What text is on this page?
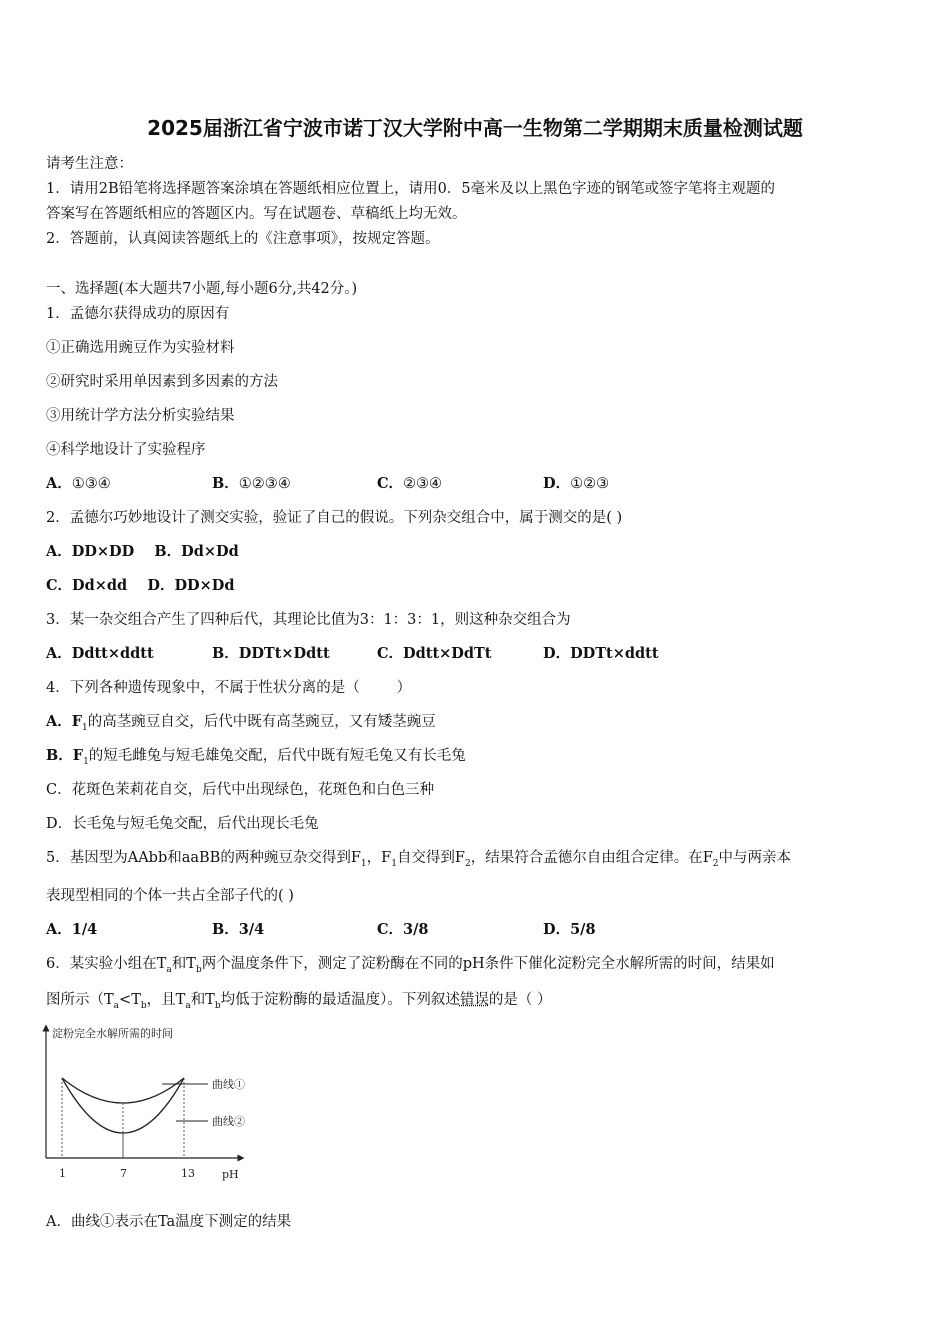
2025届浙江省宁波市诺丁汉大学附中高一生物第二学期期末质量检测试题
请考生注意：
1．请用2B铅笔将选择题答案涂填在答题纸相应位置上，请用0．5毫米及以上黑色字迹的钢笔或签字笔将主观题的
答案写在答题纸相应的答题区内。写在试题卷、草稿纸上均无效。
2．答题前，认真阅读答题纸上的《注意事项》，按规定答题。
一、选择题(本大题共7小题,每小题6分,共42分。)
1．孟德尔获得成功的原因有
①正确选用豌豆作为实验材料
②研究时采用单因素到多因素的方法
③用统计学方法分析实验结果
④科学地设计了实验程序
A．①③④	B．①②③④	C．②③④	D．①②③
2．孟德尔巧妙地设计了测交实验，验证了自己的假说。下列杂交组合中，属于测交的是( )
A．DD×DD    B．Dd×Dd
C．Dd×dd    D．DD×Dd
3．某一杂交组合产生了四种后代，其理论比值为3：1：3：1，则这种杂交组合为
A．Ddtt×ddtt	B．DDTt×Ddtt	C．Ddtt×DdTt	D．DDTt×ddtt
4．下列各种遗传现象中，不属于性状分离的是（        ）
A．$F_1$的高茎豌豆自交，后代中既有高茎豌豆，又有矮茎豌豆
B．$F_1$的短毛雌兔与短毛雄兔交配，后代中既有短毛兔又有长毛兔
C．花斑色茉莉花自交，后代中出现绿色，花斑色和白色三种
D．长毛兔与短毛兔交配，后代出现长毛兔
5．基因型为AAbb和aaBB的两种豌豆杂交得到$F_1$，$F_1$自交得到$F_2$，结果符合孟德尔自由组合定律。在$F_2$中与两亲本
表现型相同的个体一共占全部子代的( )
A．1/4	B．3/4	C．3/8	D．5/8
6．某实验小组在$T_a$和$T_b$两个温度条件下，测定了淀粉酶在不同的pH条件下催化淀粉完全水解所需的时间，结果如
图所示（$T_a<T_b$，且$T_a$和$T_b$均低于淀粉酶的最适温度）。下列叙述错误的是（ ）
淀粉完全水解所需的时间
pH
1	7	13
曲线①
曲线②
A．曲线①表示在Ta温度下测定的结果
